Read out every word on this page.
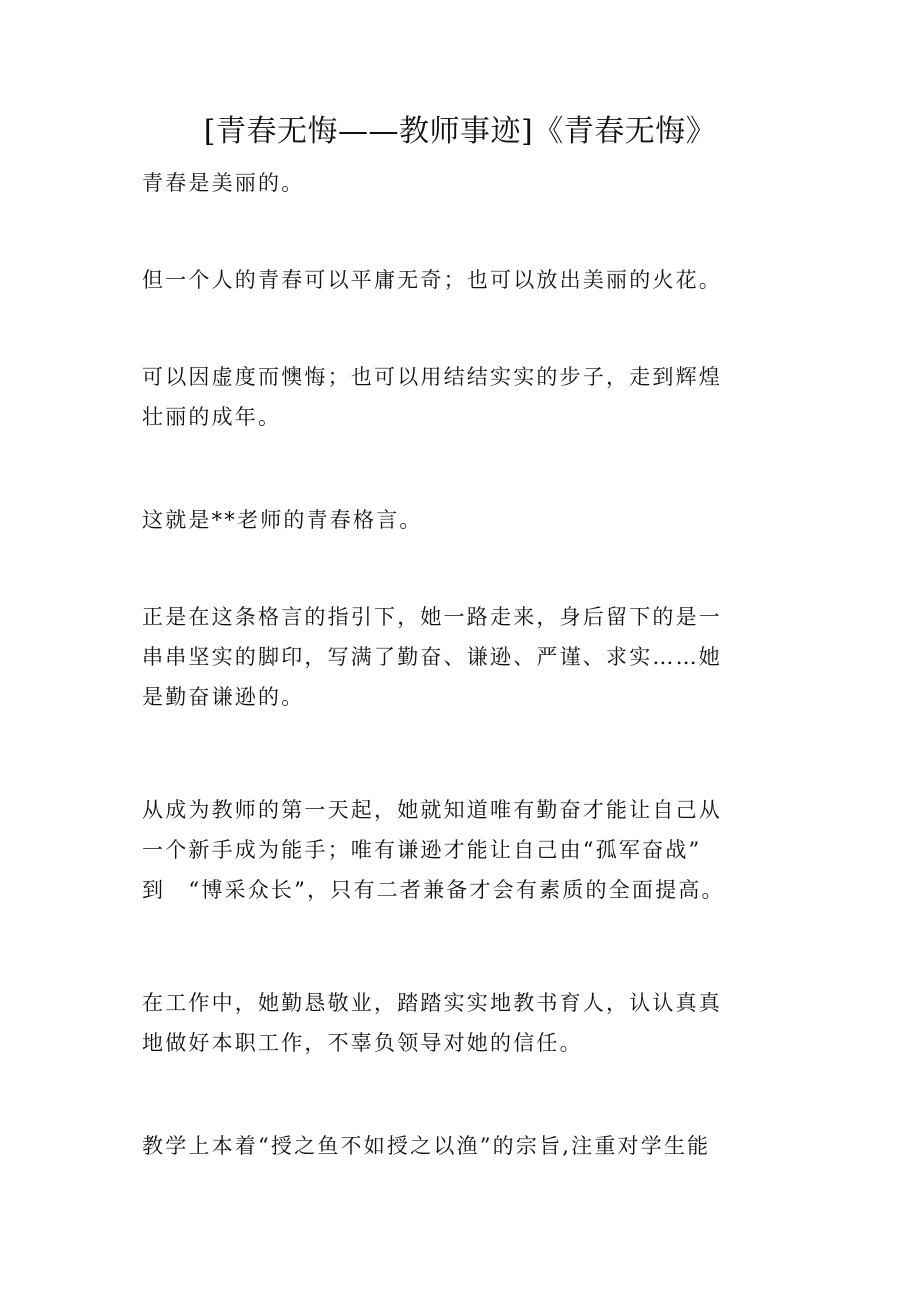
[青春无悔——教师事迹]《青春无悔》

青春是美丽的。

但一个人的青春可以平庸无奇；也可以放出美丽的火花。

可以因虚度而懊悔；也可以用结结实实的步子，走到辉煌
壮丽的成年。

这就是**老师的青春格言。

正是在这条格言的指引下，她一路走来，身后留下的是一
串串坚实的脚印，写满了勤奋、谦逊、严谨、求实……她
是勤奋谦逊的。

从成为教师的第一天起，她就知道唯有勤奋才能让自己从
一个新手成为能手；唯有谦逊才能让自己由“孤军奋战”
到　“博采众长”，只有二者兼备才会有素质的全面提高。

在工作中，她勤恳敬业，踏踏实实地教书育人，认认真真
地做好本职工作，不辜负领导对她的信任。

教学上本着“授之鱼不如授之以渔”的宗旨,注重对学生能
